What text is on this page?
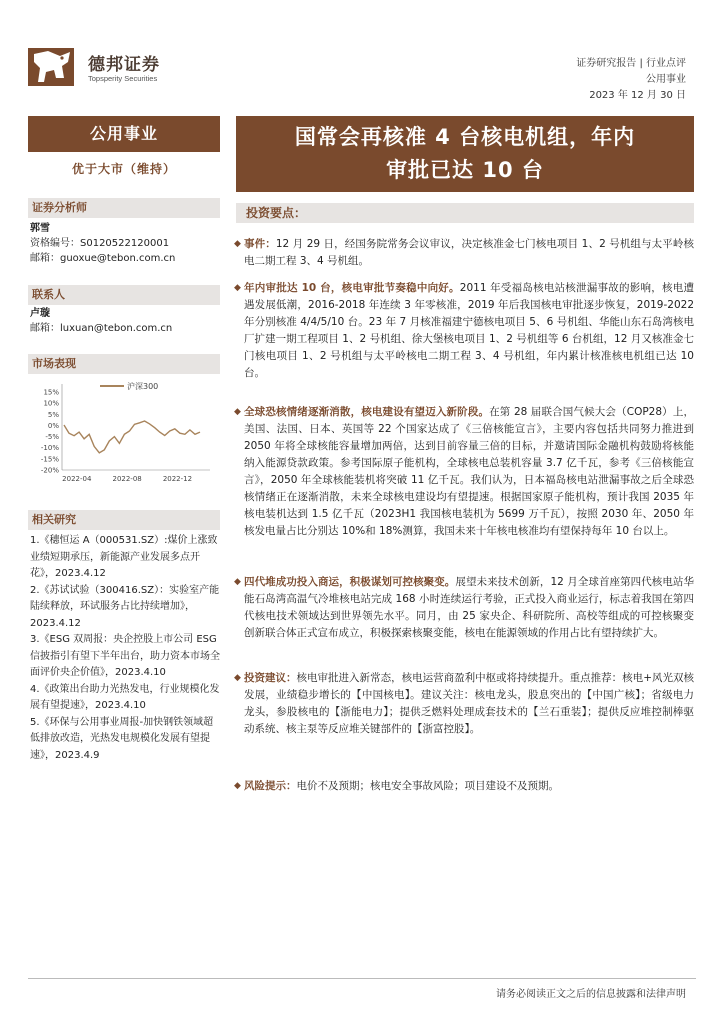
德邦证券
Topsperity Securities
证券研究报告 | 行业点评
公用事业
2023 年 12 月 30 日
公用事业
优于大市（维持）
证券分析师
郭雪
资格编号：S0120522120001
邮箱：guoxue@tebon.com.cn
联系人
卢璇
邮箱：luxuan@tebon.com.cn
市场表现
15%
10%
5%
0%
-5%
-10%
-15%
-20%
2022-04	2022-08	2022-12
沪深300
相关研究
1.《穗恒运 A（000531.SZ）:煤价上涨致业绩短期承压，新能源产业发展多点开花》，2023.4.12
2.《苏试试验（300416.SZ）：实验室产能陆续释放，环试服务占比持续增加》，2023.4.12
3.《ESG 双周报：央企控股上市公司 ESG 信披指引有望下半年出台，助力资本市场全面评价央企价值》，2023.4.10
4.《政策出台助力光热发电，行业规模化发展有望提速》，2023.4.10
5.《环保与公用事业周报-加快钢铁领域超低排放改造，光热发电规模化发展有望提速》，2023.4.9
国常会再核准 4 台核电机组，年内
审批已达 10 台
投资要点：
◆ 事件：12 月 29 日，经国务院常务会议审议，决定核准金七门核电项目 1、2 号机组与太平岭核电二期工程 3、4 号机组。
◆ 年内审批达 10 台，核电审批节奏稳中向好。2011 年受福岛核电站核泄漏事故的影响，核电遭遇发展低潮，2016-2018 年连续 3 年零核准，2019 年后我国核电审批逐步恢复，2019-2022 年分别核准 4/4/5/10 台。23 年 7 月核准福建宁德核电项目 5、6 号机组、华能山东石岛湾核电厂扩建一期工程项目 1、2 号机组、徐大堡核电项目 1、2 号机组等 6 台机组，12 月又核准金七门核电项目 1、2 号机组与太平岭核电二期工程 3、4 号机组，年内累计核准核电机组已达 10 台。
◆ 全球恐核情绪逐渐消散，核电建设有望迈入新阶段。在第 28 届联合国气候大会（COP28）上，美国、法国、日本、英国等 22 个国家达成了《三倍核能宣言》，主要内容包括共同努力推进到 2050 年将全球核能容量增加两倍，达到目前容量三倍的目标，并邀请国际金融机构鼓励将核能纳入能源贷款政策。参考国际原子能机构，全球核电总装机容量 3.7 亿千瓦，参考《三倍核能宣言》，2050 年全球核能装机将突破 11 亿千瓦。我们认为，日本福岛核电站泄漏事故之后全球恐核情绪正在逐渐消散，未来全球核电建设均有望提速。根据国家原子能机构，预计我国 2035 年核电装机达到 1.5 亿千瓦（2023H1 我国核电装机为 5699 万千瓦），按照 2030 年、2050 年核发电量占比分别达 10%和 18%测算，我国未来十年核电核准均有望保持每年 10 台以上。
◆ 四代堆成功投入商运，积极谋划可控核聚变。展望未来技术创新，12 月全球首座第四代核电站华能石岛湾高温气冷堆核电站完成 168 小时连续运行考验，正式投入商业运行，标志着我国在第四代核电技术领域达到世界领先水平。同月，由 25 家央企、科研院所、高校等组成的可控核聚变创新联合体正式宣布成立，积极探索核聚变能，核电在能源领域的作用占比有望持续扩大。
◆ 投资建议：核电审批进入新常态，核电运营商盈利中枢或将持续提升。重点推荐：核电+风光双核发展，业绩稳步增长的【中国核电】。建议关注：核电龙头，股息突出的【中国广核】；省级电力龙头，参股核电的【浙能电力】；提供乏燃料处理成套技术的【兰石重装】；提供反应堆控制棒驱动系统、核主泵等反应堆关键部件的【浙富控股】。
◆ 风险提示：电价不及预期；核电安全事故风险；项目建设不及预期。
请务必阅读正文之后的信息披露和法律声明
